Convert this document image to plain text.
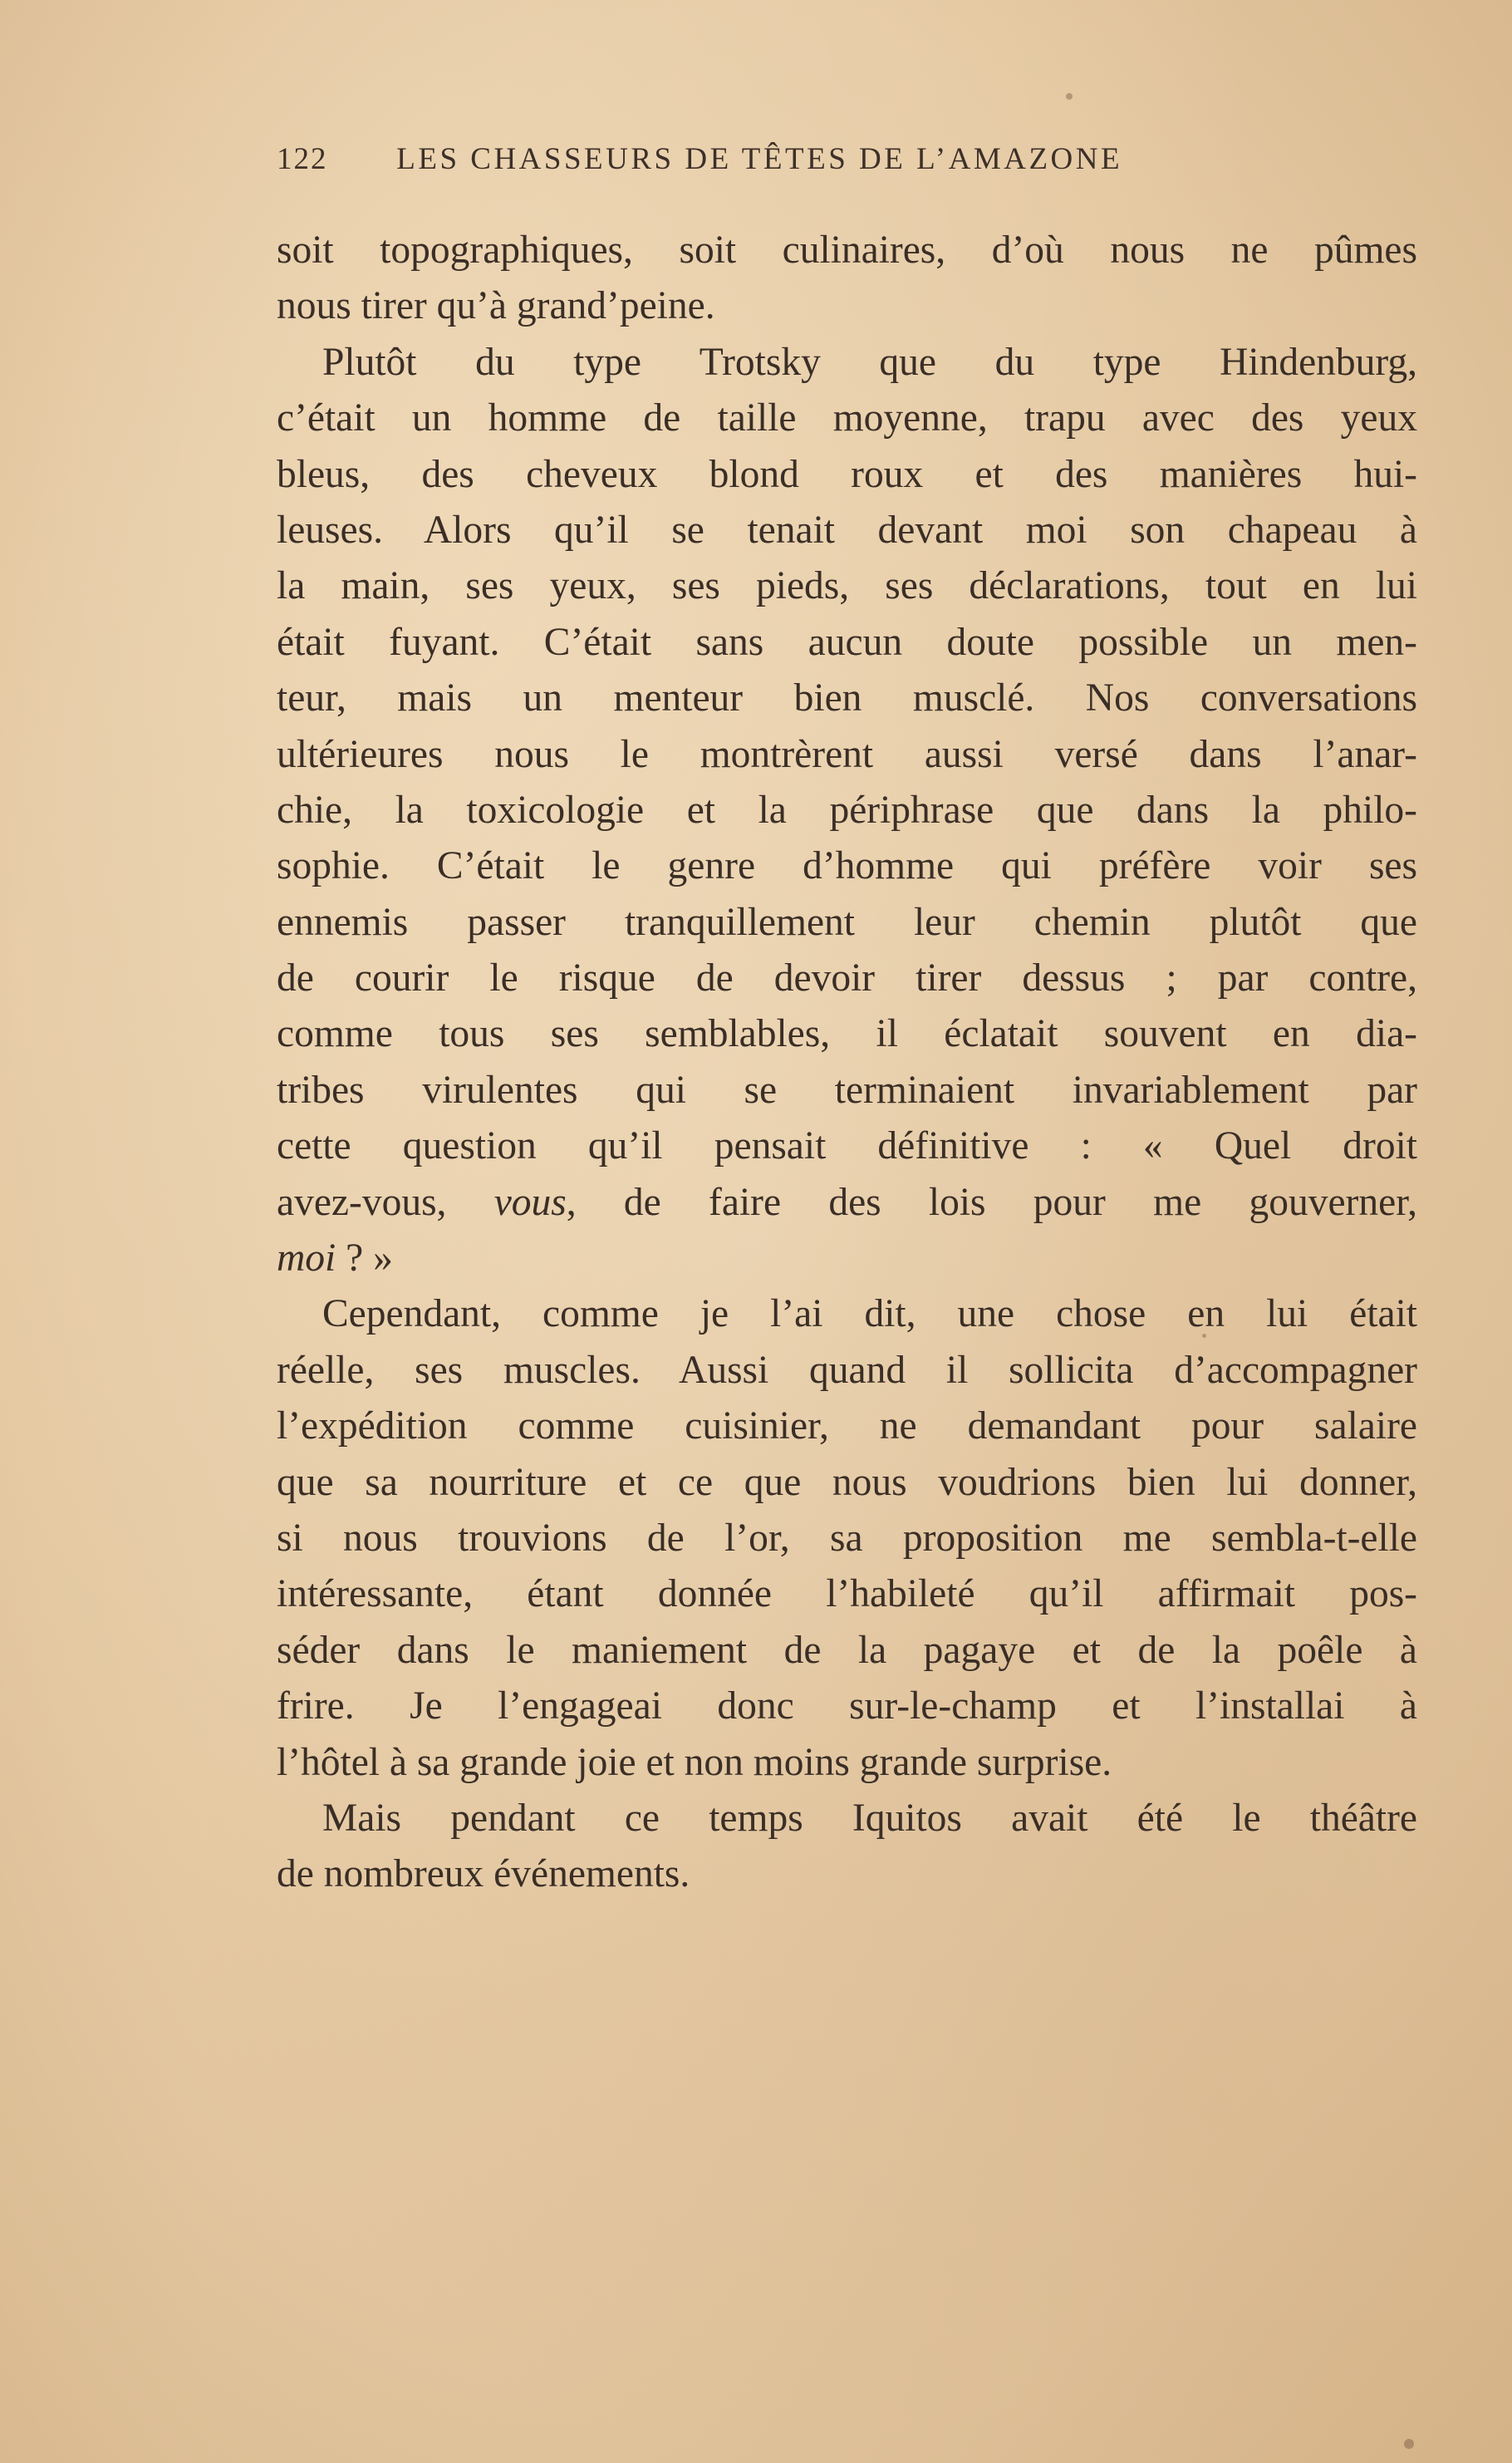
122 LES CHASSEURS DE TÊTES DE L’AMAZONE
soit topographiques, soit culinaires, d’où nous ne pûmes
nous tirer qu’à grand’peine.
Plutôt du type Trotsky que du type Hindenburg,
c’était un homme de taille moyenne, trapu avec des yeux
bleus, des cheveux blond roux et des manières hui-
leuses. Alors qu’il se tenait devant moi son chapeau à
la main, ses yeux, ses pieds, ses déclarations, tout en lui
était fuyant. C’était sans aucun doute possible un men-
teur, mais un menteur bien musclé. Nos conversations
ultérieures nous le montrèrent aussi versé dans l’anar-
chie, la toxicologie et la périphrase que dans la philo-
sophie. C’était le genre d’homme qui préfère voir ses
ennemis passer tranquillement leur chemin plutôt que
de courir le risque de devoir tirer dessus ; par contre,
comme tous ses semblables, il éclatait souvent en dia-
tribes virulentes qui se terminaient invariablement par
cette question qu’il pensait définitive : « Quel droit
avez-vous, vous, de faire des lois pour me gouverner,
moi ? »
Cependant, comme je l’ai dit, une chose en lui était
réelle, ses muscles. Aussi quand il sollicita d’accompagner
l’expédition comme cuisinier, ne demandant pour salaire
que sa nourriture et ce que nous voudrions bien lui donner,
si nous trouvions de l’or, sa proposition me sembla-t-elle
intéressante, étant donnée l’habileté qu’il affirmait pos-
séder dans le maniement de la pagaye et de la poêle à
frire. Je l’engageai donc sur-le-champ et l’installai à
l’hôtel à sa grande joie et non moins grande surprise.
Mais pendant ce temps Iquitos avait été le théâtre
de nombreux événements.
